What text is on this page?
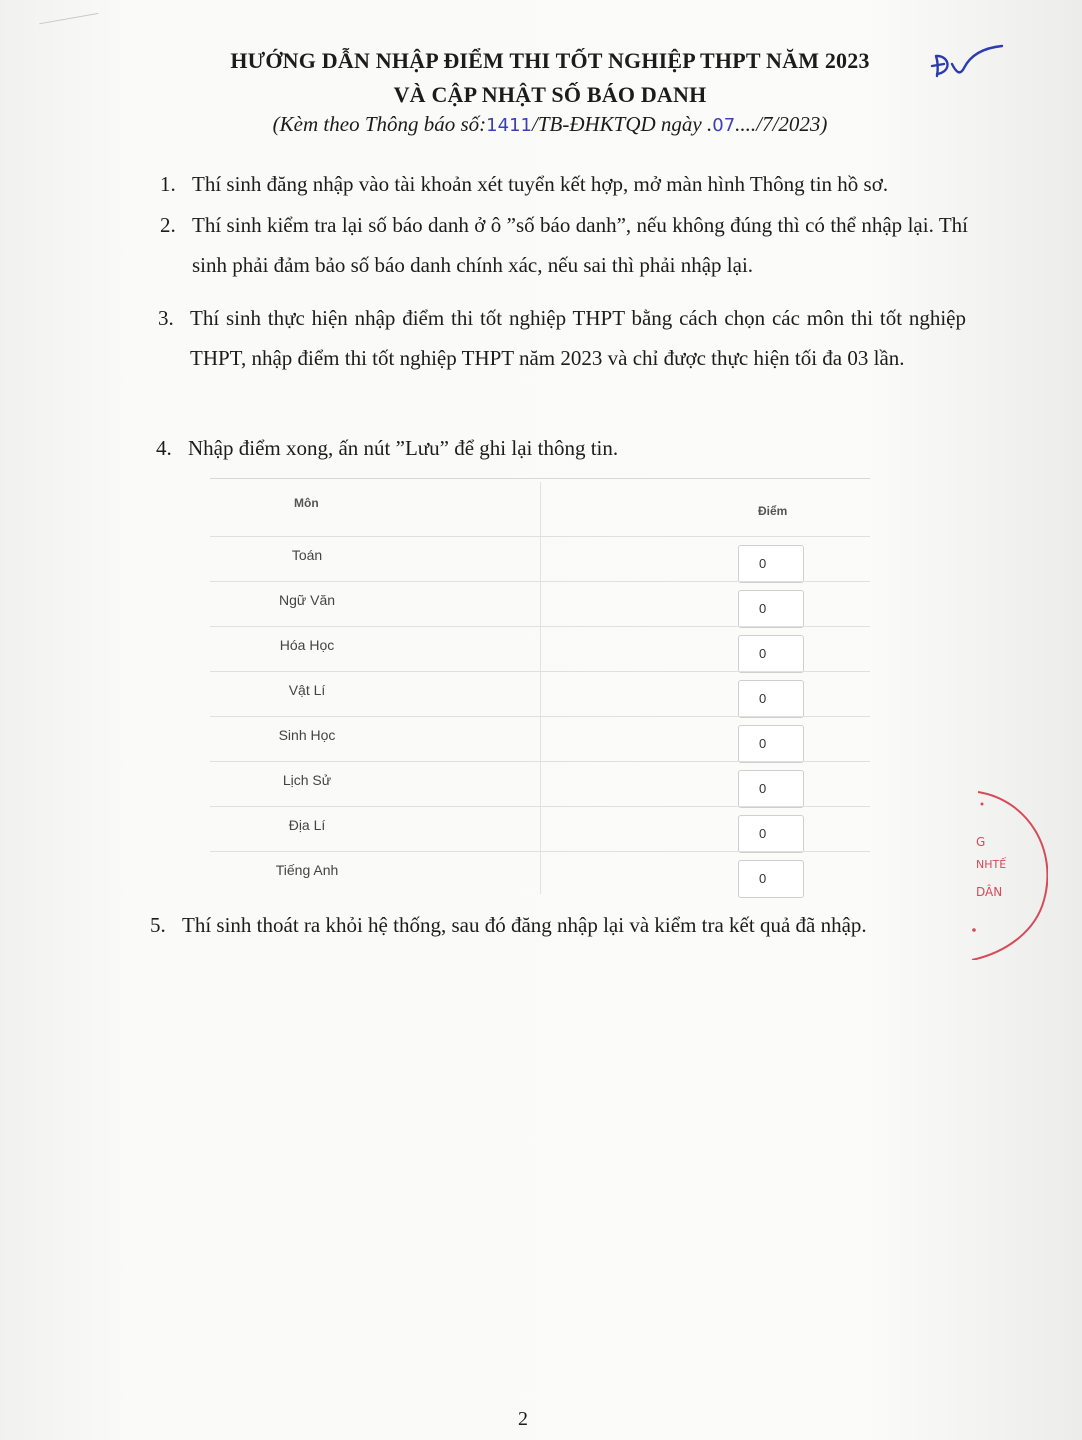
HƯỚNG DẪN NHẬP ĐIỂM THI TỐT NGHIỆP THPT NĂM 2023
VÀ CẬP NHẬT SỐ BÁO DANH
(Kèm theo Thông báo số:1411/TB-ĐHKTQD ngày .07..../7/2023)
1. Thí sinh đăng nhập vào tài khoản xét tuyển kết hợp, mở màn hình Thông tin hồ sơ.
2. Thí sinh kiểm tra lại số báo danh ở ô ”số báo danh”, nếu không đúng thì có thể nhập lại. Thí sinh phải đảm bảo số báo danh chính xác, nếu sai thì phải nhập lại.
3. Thí sinh thực hiện nhập điểm thi tốt nghiệp THPT bằng cách chọn các môn thi tốt nghiệp THPT, nhập điểm thi tốt nghiệp THPT năm 2023 và chỉ được thực hiện tối đa 03 lần.
4. Nhập điểm xong, ấn nút ”Lưu” để ghi lại thông tin.
Môn
Điểm
Toán
0
Ngữ Văn
0
Hóa Học
0
Vật Lí
0
Sinh Học
0
Lịch Sử
0
Địa Lí
0
Tiếng Anh
0
5. Thí sinh thoát ra khỏi hệ thống, sau đó đăng nhập lại và kiểm tra kết quả đã nhập.
G
NHTẾ
DÂN
2
